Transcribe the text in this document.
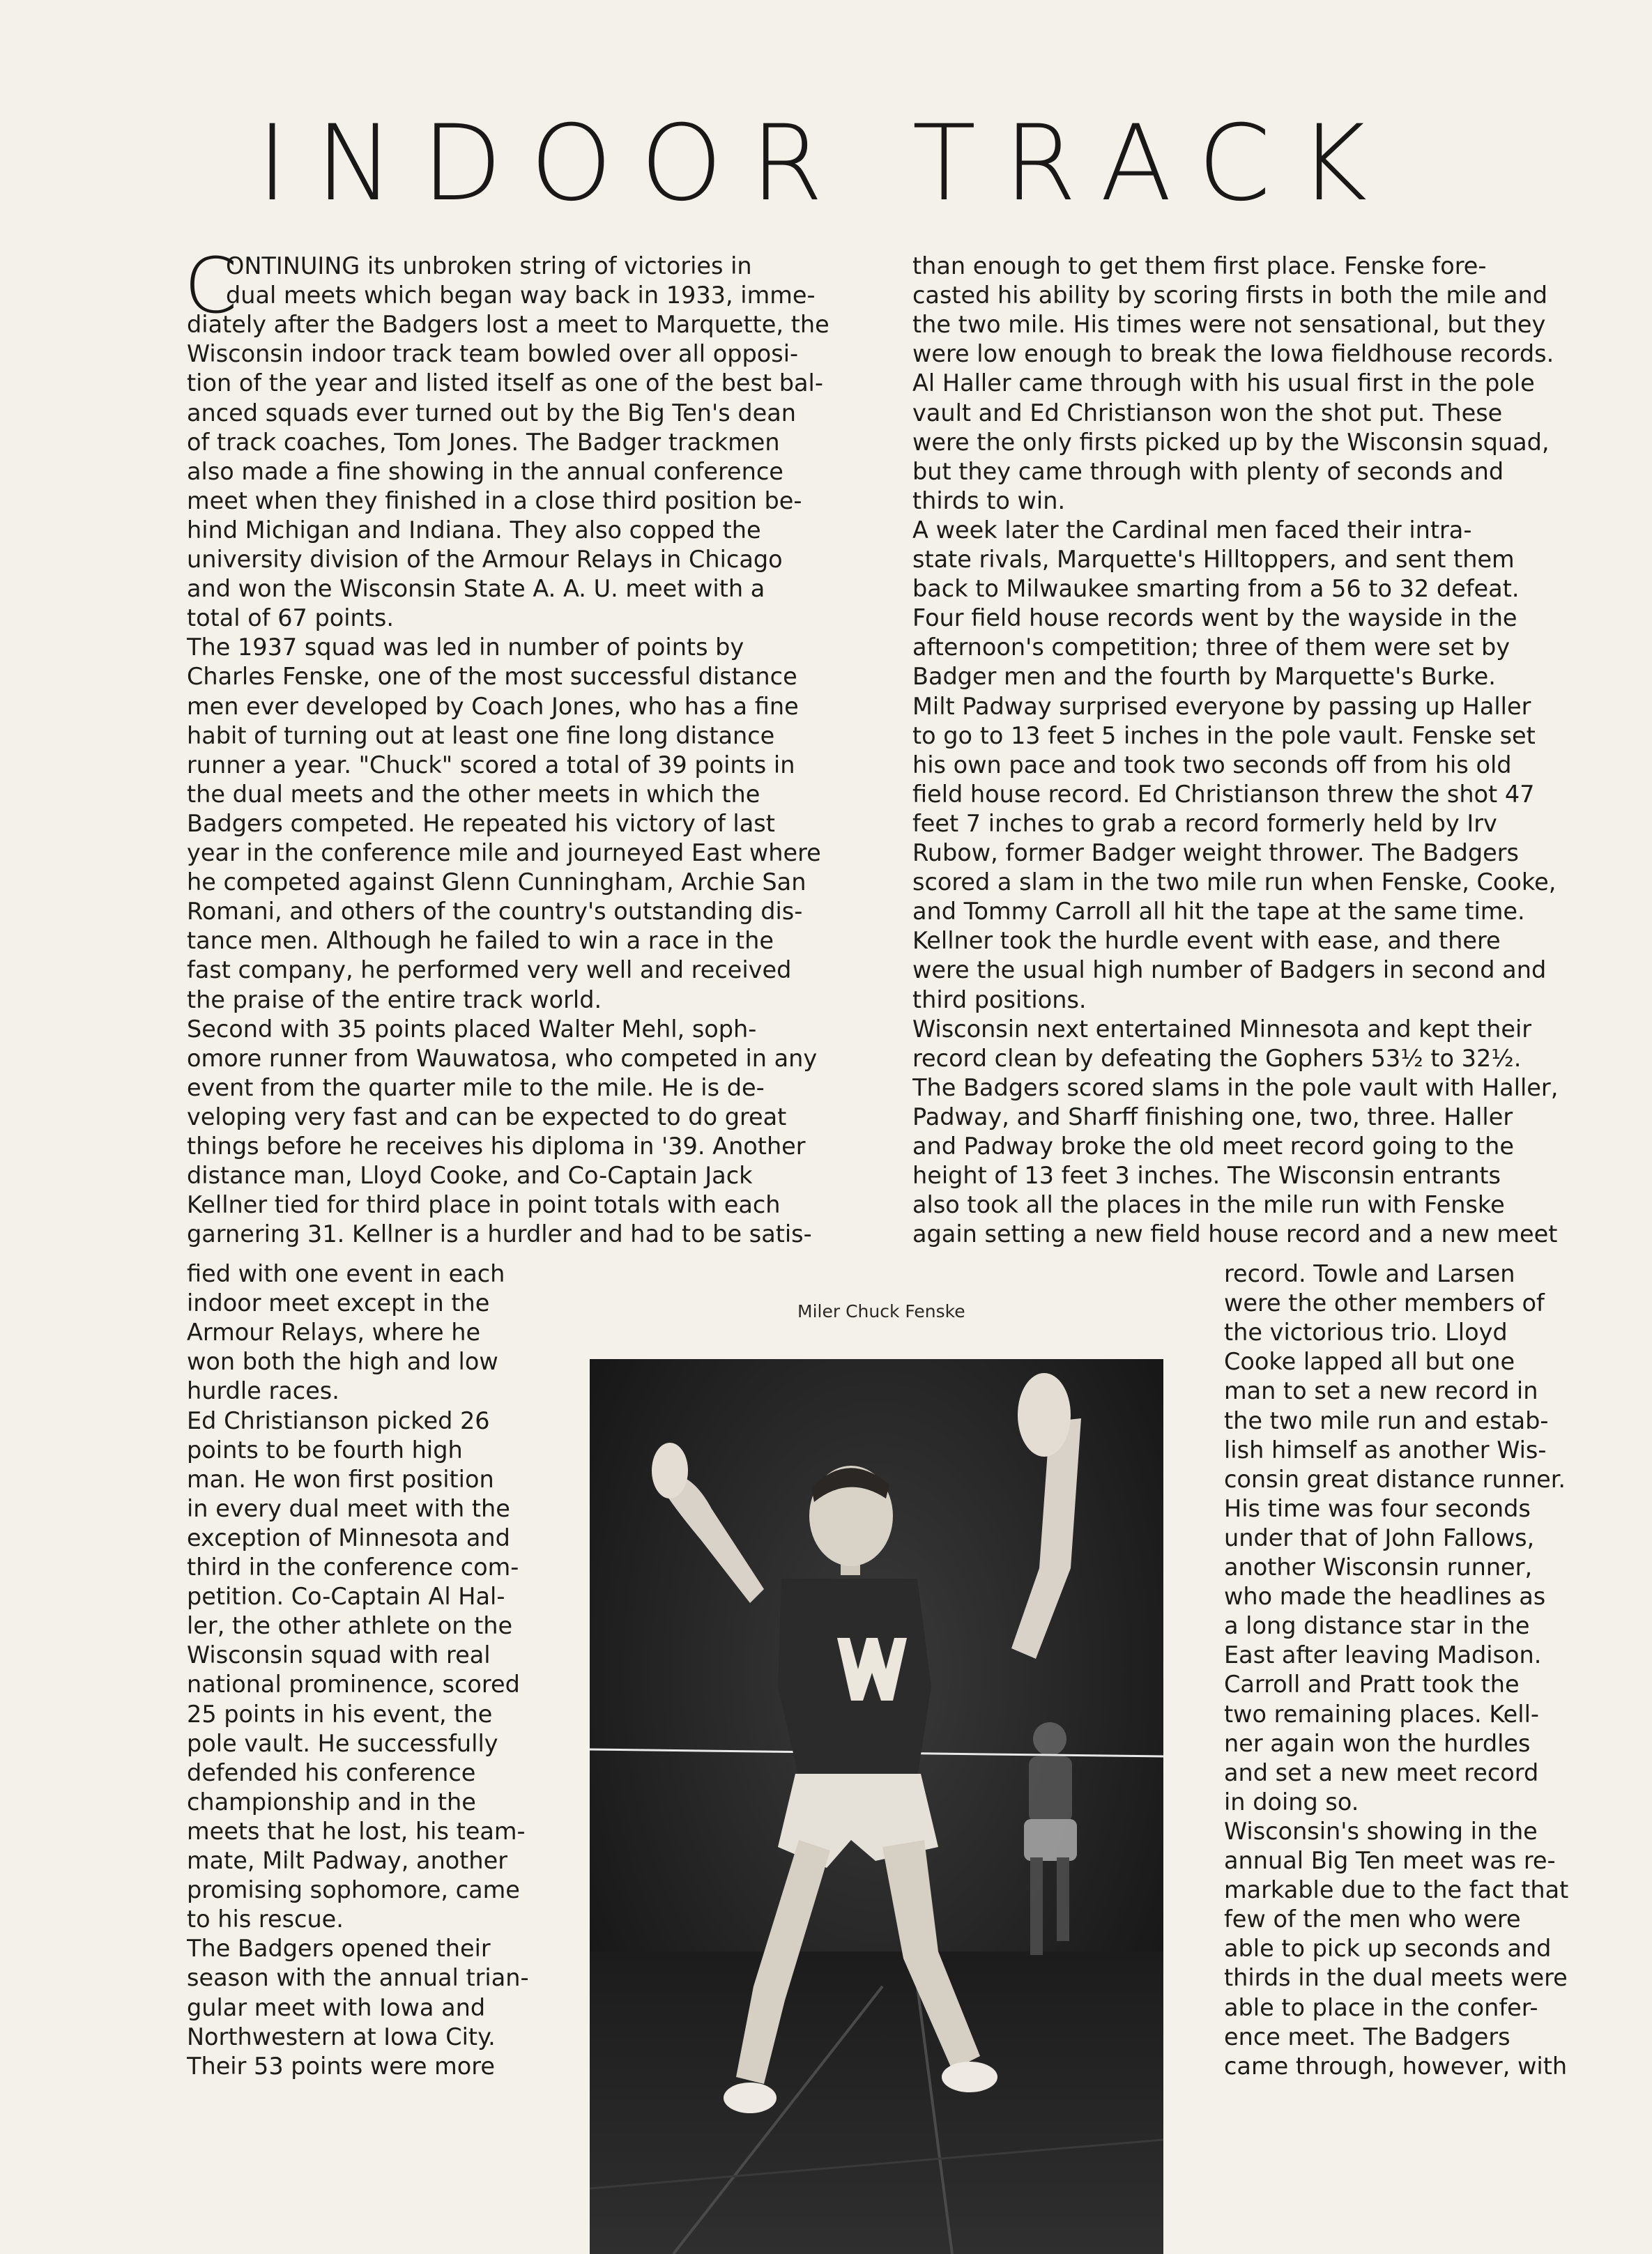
INDOOR TRACK
C
ONTINUING its unbroken string of victories in
dual meets which began way back in 1933, imme-
diately after the Badgers lost a meet to Marquette, the
Wisconsin indoor track team bowled over all opposi-
tion of the year and listed itself as one of the best bal-
anced squads ever turned out by the Big Ten's dean
of track coaches, Tom Jones. The Badger trackmen
also made a fine showing in the annual conference
meet when they finished in a close third position be-
hind Michigan and Indiana. They also copped the
university division of the Armour Relays in Chicago
and won the Wisconsin State A. A. U. meet with a
total of 67 points.
The 1937 squad was led in number of points by
Charles Fenske, one of the most successful distance
men ever developed by Coach Jones, who has a fine
habit of turning out at least one fine long distance
runner a year. "Chuck" scored a total of 39 points in
the dual meets and the other meets in which the
Badgers competed. He repeated his victory of last
year in the conference mile and journeyed East where
he competed against Glenn Cunningham, Archie San
Romani, and others of the country's outstanding dis-
tance men. Although he failed to win a race in the
fast company, he performed very well and received
the praise of the entire track world.
Second with 35 points placed Walter Mehl, soph-
omore runner from Wauwatosa, who competed in any
event from the quarter mile to the mile. He is de-
veloping very fast and can be expected to do great
things before he receives his diploma in '39. Another
distance man, Lloyd Cooke, and Co-Captain Jack
Kellner tied for third place in point totals with each
garnering 31. Kellner is a hurdler and had to be satis-
fied with one event in each
indoor meet except in the
Armour Relays, where he
won both the high and low
hurdle races.
Ed Christianson picked 26
points to be fourth high
man. He won first position
in every dual meet with the
exception of Minnesota and
third in the conference com-
petition. Co-Captain Al Hal-
ler, the other athlete on the
Wisconsin squad with real
national prominence, scored
25 points in his event, the
pole vault. He successfully
defended his conference
championship and in the
meets that he lost, his team-
mate, Milt Padway, another
promising sophomore, came
to his rescue.
The Badgers opened their
season with the annual trian-
gular meet with Iowa and
Northwestern at Iowa City.
Their 53 points were more
than enough to get them first place. Fenske fore-
casted his ability by scoring firsts in both the mile and
the two mile. His times were not sensational, but they
were low enough to break the Iowa fieldhouse records.
Al Haller came through with his usual first in the pole
vault and Ed Christianson won the shot put. These
were the only firsts picked up by the Wisconsin squad,
but they came through with plenty of seconds and
thirds to win.
A week later the Cardinal men faced their intra-
state rivals, Marquette's Hilltoppers, and sent them
back to Milwaukee smarting from a 56 to 32 defeat.
Four field house records went by the wayside in the
afternoon's competition; three of them were set by
Badger men and the fourth by Marquette's Burke.
Milt Padway surprised everyone by passing up Haller
to go to 13 feet 5 inches in the pole vault. Fenske set
his own pace and took two seconds off from his old
field house record. Ed Christianson threw the shot 47
feet 7 inches to grab a record formerly held by Irv
Rubow, former Badger weight thrower. The Badgers
scored a slam in the two mile run when Fenske, Cooke,
and Tommy Carroll all hit the tape at the same time.
Kellner took the hurdle event with ease, and there
were the usual high number of Badgers in second and
third positions.
Wisconsin next entertained Minnesota and kept their
record clean by defeating the Gophers 53½ to 32½.
The Badgers scored slams in the pole vault with Haller,
Padway, and Sharff finishing one, two, three. Haller
and Padway broke the old meet record going to the
height of 13 feet 3 inches. The Wisconsin entrants
also took all the places in the mile run with Fenske
again setting a new field house record and a new meet
record. Towle and Larsen
were the other members of
the victorious trio. Lloyd
Cooke lapped all but one
man to set a new record in
the two mile run and estab-
lish himself as another Wis-
consin great distance runner.
His time was four seconds
under that of John Fallows,
another Wisconsin runner,
who made the headlines as
a long distance star in the
East after leaving Madison.
Carroll and Pratt took the
two remaining places. Kell-
ner again won the hurdles
and set a new meet record
in doing so.
Wisconsin's showing in the
annual Big Ten meet was re-
markable due to the fact that
few of the men who were
able to pick up seconds and
thirds in the dual meets were
able to place in the confer-
ence meet. The Badgers
came through, however, with
Miler Chuck Fenske
